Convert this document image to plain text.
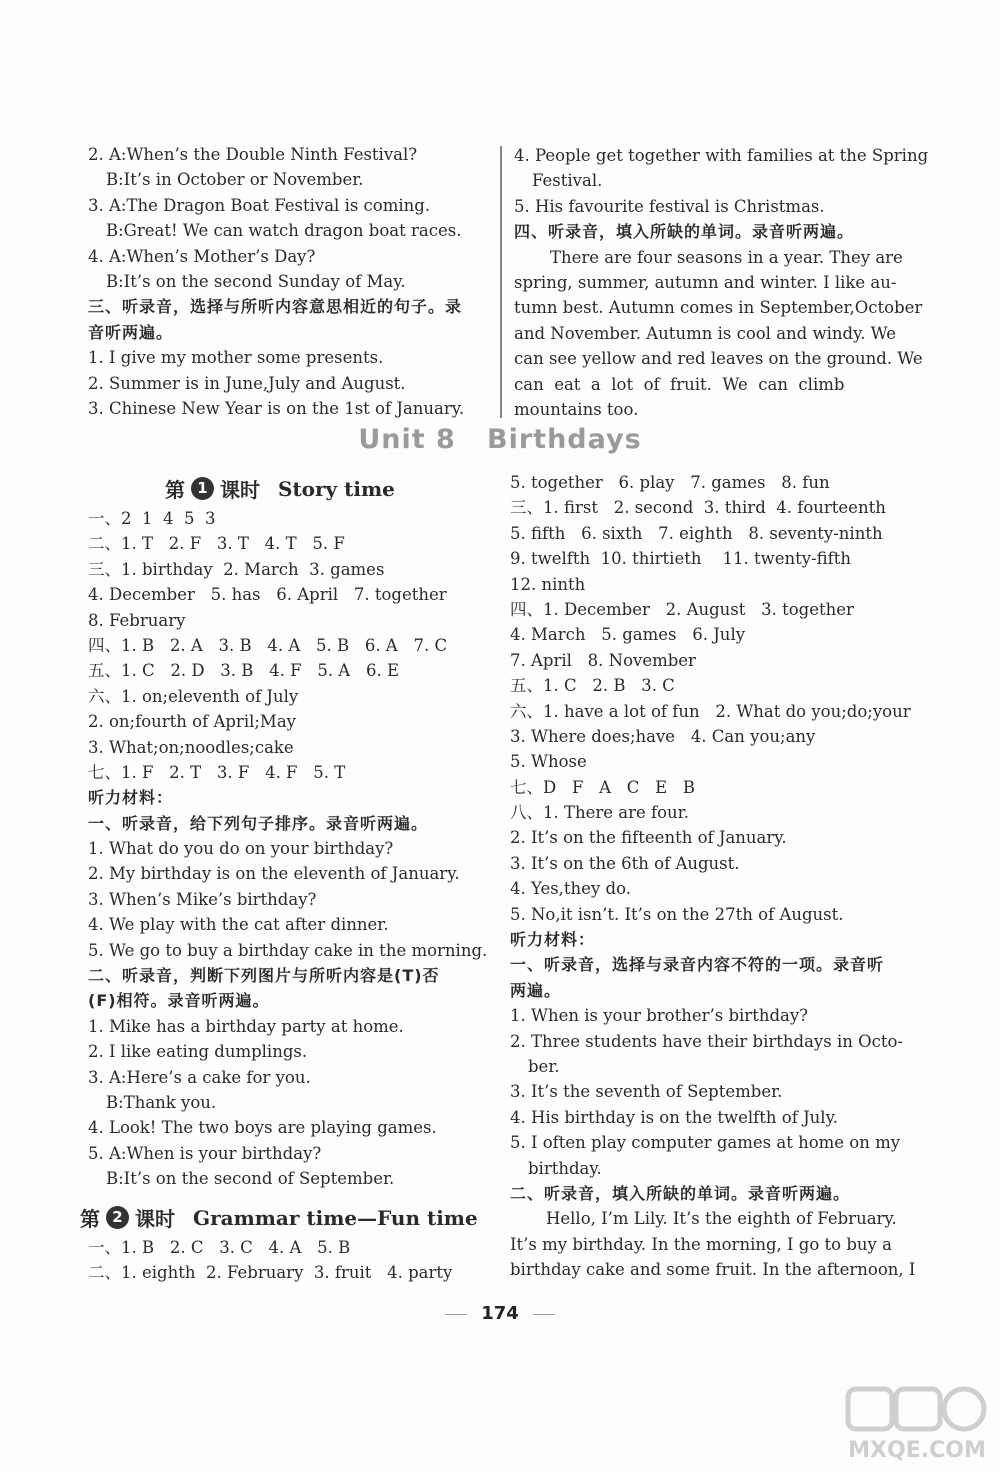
2. A:When’s the Double Ninth Festival?
B:It’s in October or November.
3. A:The Dragon Boat Festival is coming.
B:Great! We can watch dragon boat races.
4. A:When’s Mother’s Day?
B:It’s on the second Sunday of May.
三、听录音，选择与所听内容意思相近的句子。录
音听两遍。
1. I give my mother some presents.
2. Summer is in June,July and August.
3. Chinese New Year is on the 1st of January.
4. People get together with families at the Spring
Festival.
5. His favourite festival is Christmas.
四、听录音，填入所缺的单词。录音听两遍。
There are four seasons in a year. They are
spring, summer, autumn and winter. I like au-
tumn best. Autumn comes in September,October
and November. Autumn is cool and windy. We
can see yellow and red leaves on the ground. We
can  eat  a  lot  of  fruit.  We  can  climb
mountains too.
Unit 8   Birthdays
第 1 课时 Story time
一、2  1  4  5  3
二、1. T   2. F   3. T   4. T   5. F
三、1. birthday  2. March  3. games
4. December   5. has   6. April   7. together
8. February
四、1. B   2. A   3. B   4. A   5. B   6. A   7. C
五、1. C   2. D   3. B   4. F   5. A   6. E
六、1. on;eleventh of July
2. on;fourth of April;May
3. What;on;noodles;cake
七、1. F   2. T   3. F   4. F   5. T
听力材料：
一、听录音，给下列句子排序。录音听两遍。
1. What do you do on your birthday?
2. My birthday is on the eleventh of January.
3. When’s Mike’s birthday?
4. We play with the cat after dinner.
5. We go to buy a birthday cake in the morning.
二、听录音，判断下列图片与所听内容是(T)否
(F)相符。录音听两遍。
1. Mike has a birthday party at home.
2. I like eating dumplings.
3. A:Here’s a cake for you.
B:Thank you.
4. Look! The two boys are playing games.
5. A:When is your birthday?
B:It’s on the second of September.
第 2 课时 Grammar time—Fun time
一、1. B   2. C   3. C   4. A   5. B
二、1. eighth  2. February  3. fruit   4. party
5. together   6. play   7. games   8. fun
三、1. first   2. second  3. third  4. fourteenth
5. fifth   6. sixth   7. eighth   8. seventy-ninth
9. twelfth  10. thirtieth    11. twenty-fifth
12. ninth
四、1. December   2. August   3. together
4. March   5. games   6. July
7. April   8. November
五、1. C   2. B   3. C
六、1. have a lot of fun   2. What do you;do;your
3. Where does;have   4. Can you;any
5. Whose
七、D   F   A   C   E   B
八、1. There are four.
2. It’s on the fifteenth of January.
3. It’s on the 6th of August.
4. Yes,they do.
5. No,it isn’t. It’s on the 27th of August.
听力材料：
一、听录音，选择与录音内容不符的一项。录音听
两遍。
1. When is your brother’s birthday?
2. Three students have their birthdays in Octo-
ber.
3. It’s the seventh of September.
4. His birthday is on the twelfth of July.
5. I often play computer games at home on my
birthday.
二、听录音，填入所缺的单词。录音听两遍。
Hello, I’m Lily. It’s the eighth of February.
It’s my birthday. In the morning, I go to buy a
birthday cake and some fruit. In the afternoon, I
174
MXQE.COM
